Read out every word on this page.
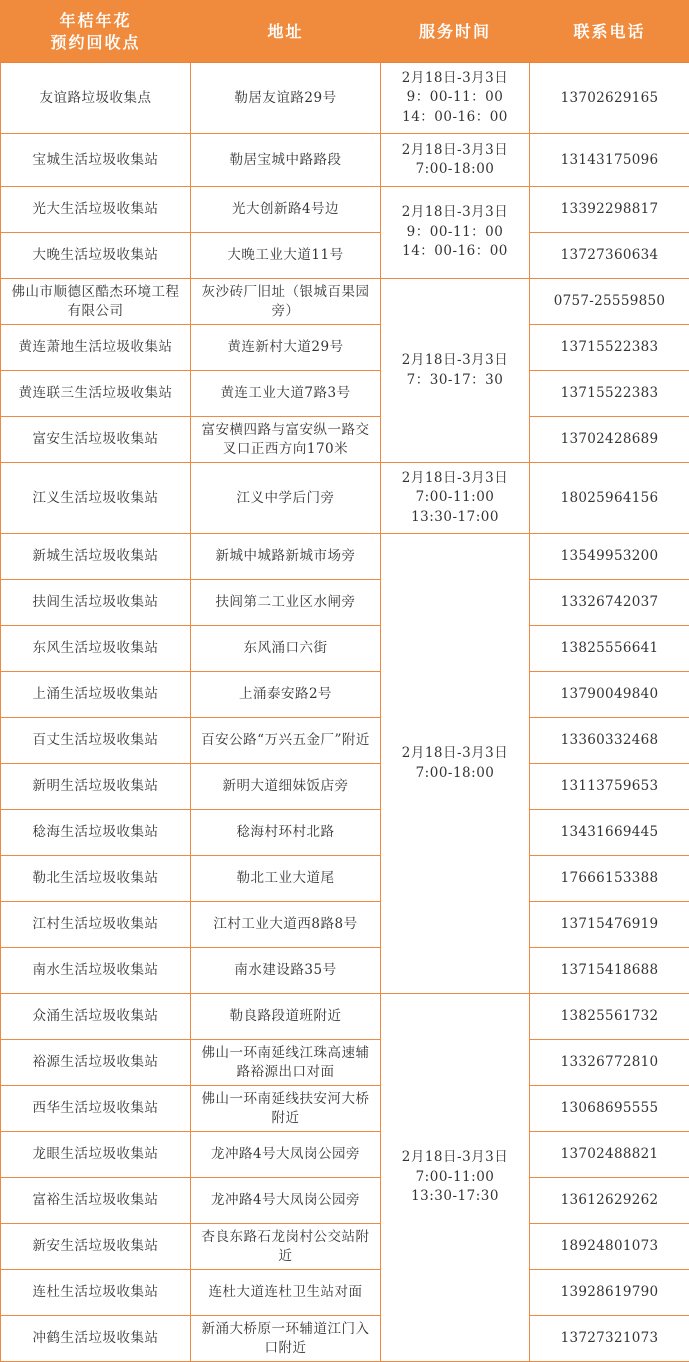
年桔年花
预约回收点	地址	服务时间	联系电话
友谊路垃圾收集点	勒居友谊路29号	2月18日-3月3日
9：00-11：00
14：00-16：00	13702629165
宝城生活垃圾收集站	勒居宝城中路路段	2月18日-3月3日
7:00-18:00	13143175096
光大生活垃圾收集站	光大创新路4号边	2月18日-3月3日
9：00-11：00
14：00-16：00	13392298817
大晚生活垃圾收集站	大晚工业大道11号		13727360634
佛山市顺德区酷杰环境工程有限公司	灰沙砖厂旧址（银城百果园旁）	2月18日-3月3日
7：30-17：30	0757-25559850
黄连萧地生活垃圾收集站	黄连新村大道29号		13715522383
黄连联三生活垃圾收集站	黄连工业大道7路3号		13715522383
富安生活垃圾收集站	富安横四路与富安纵一路交叉口正西方向170米		13702428689
江义生活垃圾收集站	江义中学后门旁	2月18日-3月3日
7:00-11:00
13:30-17:00	18025964156
新城生活垃圾收集站	新城中城路新城市场旁	2月18日-3月3日
7:00-18:00	13549953200
扶闾生活垃圾收集站	扶闾第二工业区水闸旁		13326742037
东风生活垃圾收集站	东风涌口六街		13825556641
上涌生活垃圾收集站	上涌泰安路2号		13790049840
百丈生活垃圾收集站	百安公路“万兴五金厂”附近		13360332468
新明生活垃圾收集站	新明大道细妹饭店旁		13113759653
稔海生活垃圾收集站	稔海村环村北路		13431669445
勒北生活垃圾收集站	勒北工业大道尾		17666153388
江村生活垃圾收集站	江村工业大道西8路8号		13715476919
南水生活垃圾收集站	南水建设路35号		13715418688
众涌生活垃圾收集站	勒良路段道班附近	2月18日-3月3日
7:00-11:00
13:30-17:30	13825561732
裕源生活垃圾收集站	佛山一环南延线江珠高速辅路裕源出口对面		13326772810
西华生活垃圾收集站	佛山一环南延线扶安河大桥附近		13068695555
龙眼生活垃圾收集站	龙冲路4号大凤岗公园旁		13702488821
富裕生活垃圾收集站	龙冲路4号大凤岗公园旁		13612629262
新安生活垃圾收集站	杏良东路石龙岗村公交站附近		18924801073
连杜生活垃圾收集站	连杜大道连杜卫生站对面		13928619790
冲鹤生活垃圾收集站	新涌大桥原一环辅道江门入口附近		13727321073
